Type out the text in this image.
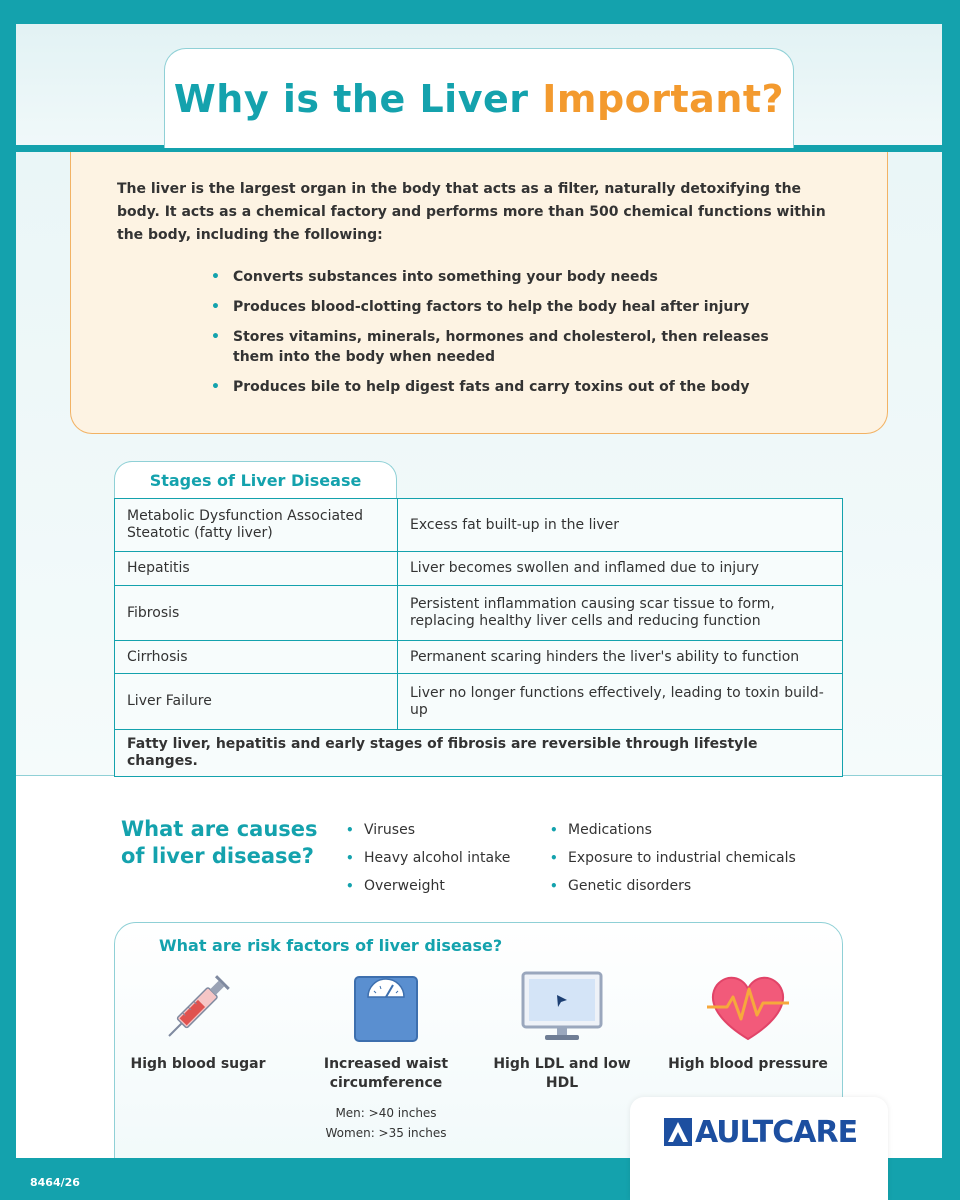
Why is the
Liver
Important?

The liver is the largest organ in the body that acts as a filter, naturally detoxifying the body. It acts as a chemical factory and performs more than 500 chemical functions within the body, including the following:

• Converts substances into something your body needs
• Produces blood-clotting factors to help the body heal after injury
• Stores vitamins, minerals, hormones and cholesterol, then releases them into the body when needed
• Produces bile to help digest fats and carry toxins out of the body
Stages of Liver Disease
Metabolic Dysfunction Associated Steatotic (fatty liver)	Excess fat built-up in the liver
Hepatitis	Liver becomes swollen and inflamed due to injury
Fibrosis	Persistent inflammation causing scar tissue to form, replacing healthy liver cells and reducing function
Cirrhosis	Permanent scaring hinders the liver's ability to function
Liver Failure	Liver no longer functions effectively, leading to toxin build-up
Fatty liver, hepatitis and early stages of fibrosis are reversible through lifestyle changes.	
What are causes of liver disease?
• Viruses
• Heavy alcohol intake
• Overweight
• Medications
• Exposure to industrial chemicals
• Genetic disorders
What are risk factors of liver disease?
High blood sugar	Increased waist circumference
Men: >40 inches
Women: >35 inches
High LDL and low HDL
High blood pressure
8464/26
AULTCARE
